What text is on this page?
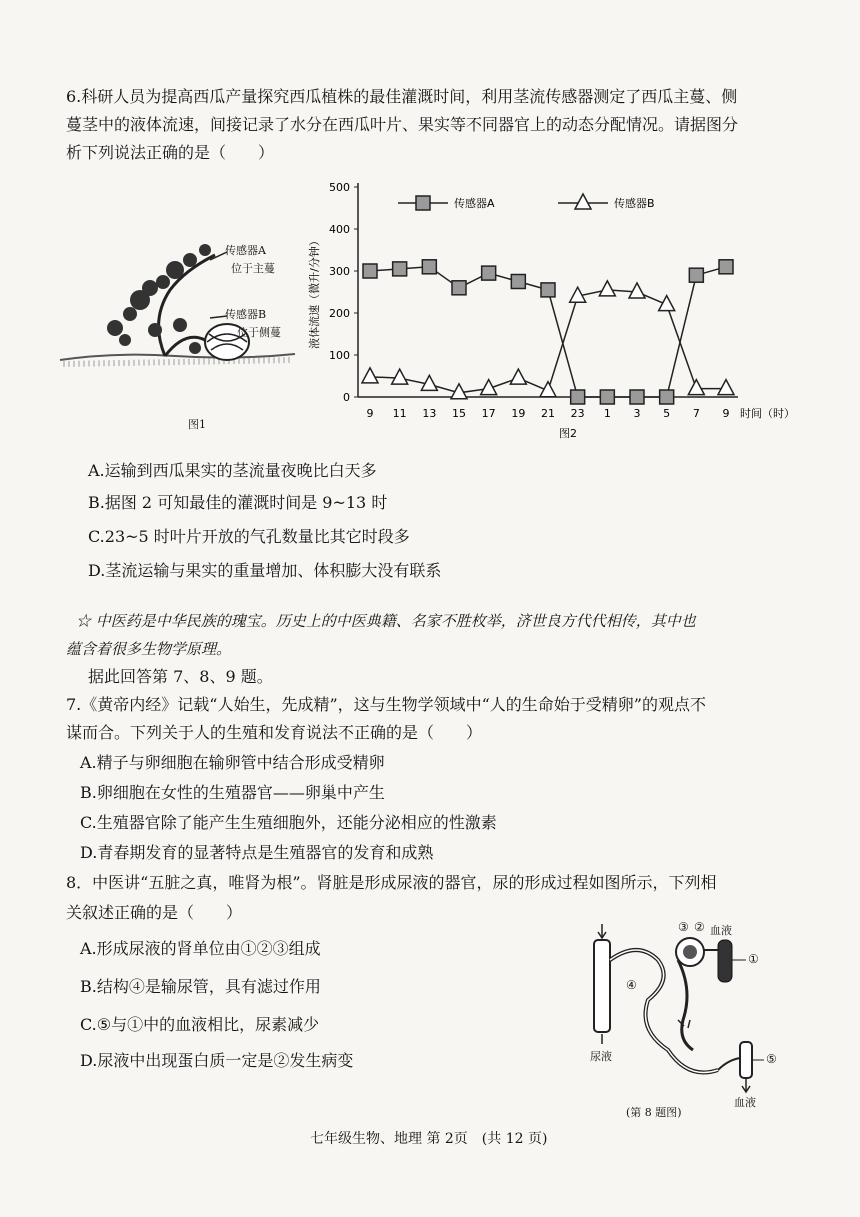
6.科研人员为提高西瓜产量探究西瓜植株的最佳灌溉时间，利用茎流传感器测定了西瓜主蔓、侧
蔓茎中的液体流速，间接记录了水分在西瓜叶片、果实等不同器官上的动态分配情况。请据图分
析下列说法正确的是（　　）
传感器A
位于主蔓
传感器B
位于侧蔓
图1
0
100
200
300
400
500
9 11 13 15 17 19 21 23 1 3 5 7 9 时间（时）
液体流速（微升/分钟）
图2
传感器A	传感器B
A.运输到西瓜果实的茎流量夜晚比白天多
B.据图 2 可知最佳的灌溉时间是 9~13 时
C.23~5 时叶片开放的气孔数量比其它时段多
D.茎流运输与果实的重量增加、体积膨大没有联系
☆ 中医药是中华民族的瑰宝。历史上的中医典籍、名家不胜枚举，济世良方代代相传，其中也
蕴含着很多生物学原理。
据此回答第 7、8、9 题。
7.《黄帝内经》记载“人始生，先成精”，这与生物学领域中“人的生命始于受精卵”的观点不
谋而合。下列关于人的生殖和发育说法不正确的是（　　）
A.精子与卵细胞在输卵管中结合形成受精卵
B.卵细胞在女性的生殖器官——卵巢中产生
C.生殖器官除了能产生生殖细胞外，还能分泌相应的性激素
D.青春期发育的显著特点是生殖器官的发育和成熟
8．中医讲“五脏之真，唯肾为根”。肾脏是形成尿液的器官，尿的形成过程如图所示，下列相
关叙述正确的是（　　）
A.形成尿液的肾单位由①②③组成
B.结构④是输尿管，具有滤过作用
C.⑤与①中的血液相比，尿素减少
D.尿液中出现蛋白质一定是②发生病变
③ ② 血液
①
④
⑤
尿液
血液
(第 8 题图)
七年级生物、地理 第 2页　(共 12 页)
